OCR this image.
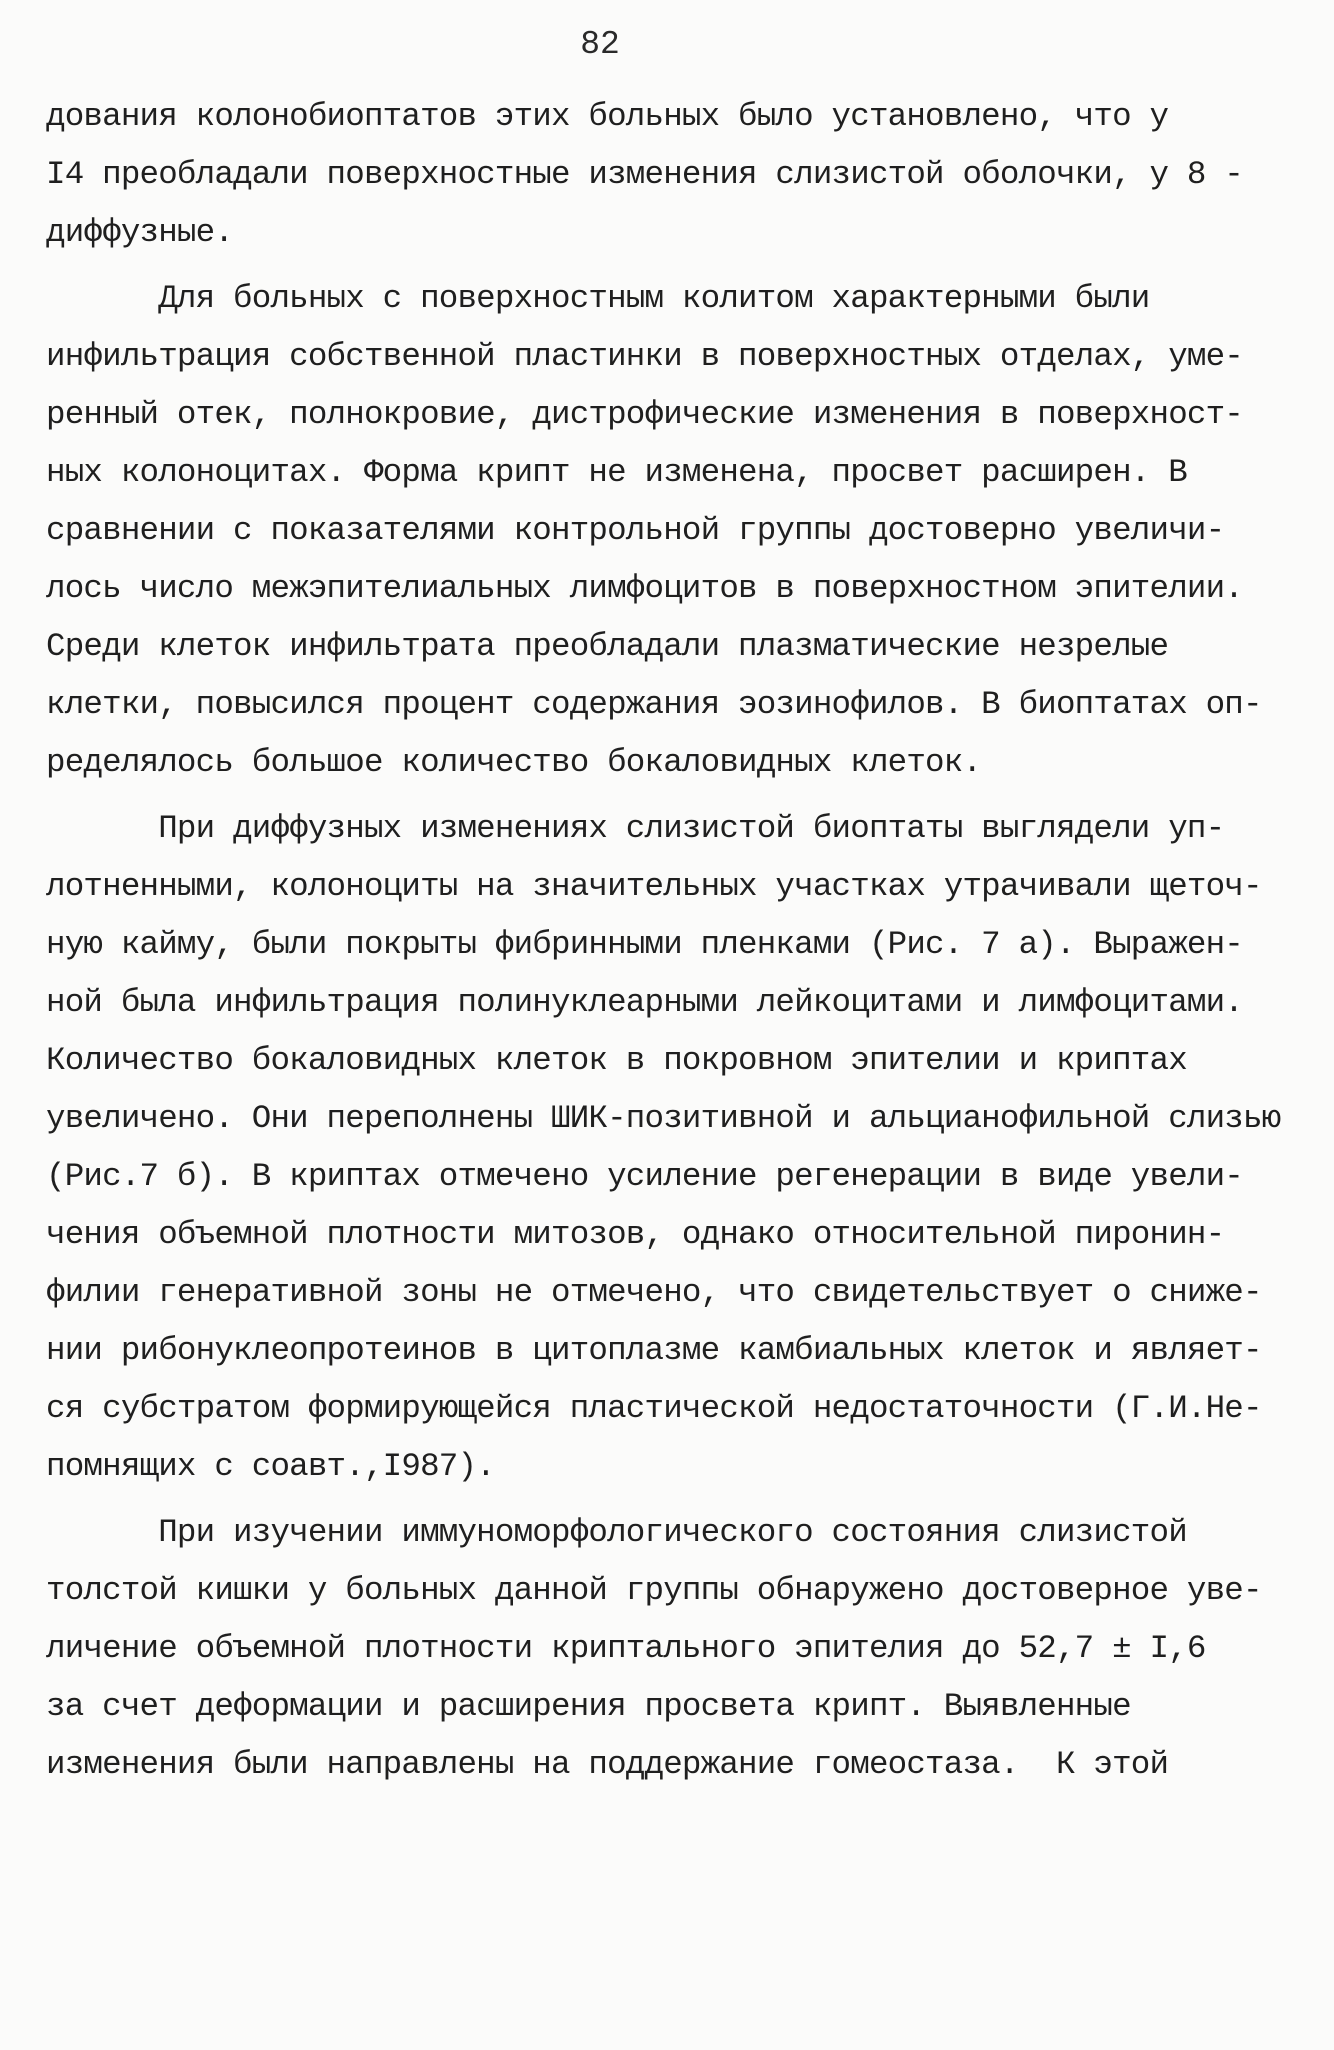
82
дования колонобиоптатов этих больных было установлено, что у
I4 преобладали поверхностные изменения слизистой оболочки, у 8 -
диффузные.
Для больных с поверхностным колитом характерными были
инфильтрация собственной пластинки в поверхностных отделах, уме-
ренный отек, полнокровие, дистрофические изменения в поверхност-
ных колоноцитах. Форма крипт не изменена, просвет расширен. В
сравнении с показателями контрольной группы достоверно увеличи-
лось число межэпителиальных лимфоцитов в поверхностном эпителии.
Среди клеток инфильтрата преобладали плазматические незрелые
клетки, повысился процент содержания эозинофилов. В биоптатах оп-
ределялось большое количество бокаловидных клеток.
При диффузных изменениях слизистой биоптаты выглядели уп-
лотненными, колоноциты на значительных участках утрачивали щеточ-
ную кайму, были покрыты фибринными пленками (Рис. 7 а). Выражен-
ной была инфильтрация полинуклеарными лейкоцитами и лимфоцитами.
Количество бокаловидных клеток в покровном эпителии и криптах
увеличено. Они переполнены ШИК-позитивной и альцианофильной слизью
(Рис.7 б). В криптах отмечено усиление регенерации в виде увели-
чения объемной плотности митозов, однако относительной пиронин-
филии генеративной зоны не отмечено, что свидетельствует о сниже-
нии рибонуклеопротеинов в цитоплазме камбиальных клеток и являет-
ся субстратом формирующейся пластической недостаточности (Г.И.Не-
помнящих с соавт.,I987).
При изучении иммуноморфологического состояния слизистой
толстой кишки у больных данной группы обнаружено достоверное уве-
личение объемной плотности криптального эпителия до 52,7 ± I,6
за счет деформации и расширения просвета крипт. Выявленные
изменения были направлены на поддержание гомеостаза.  К этой
